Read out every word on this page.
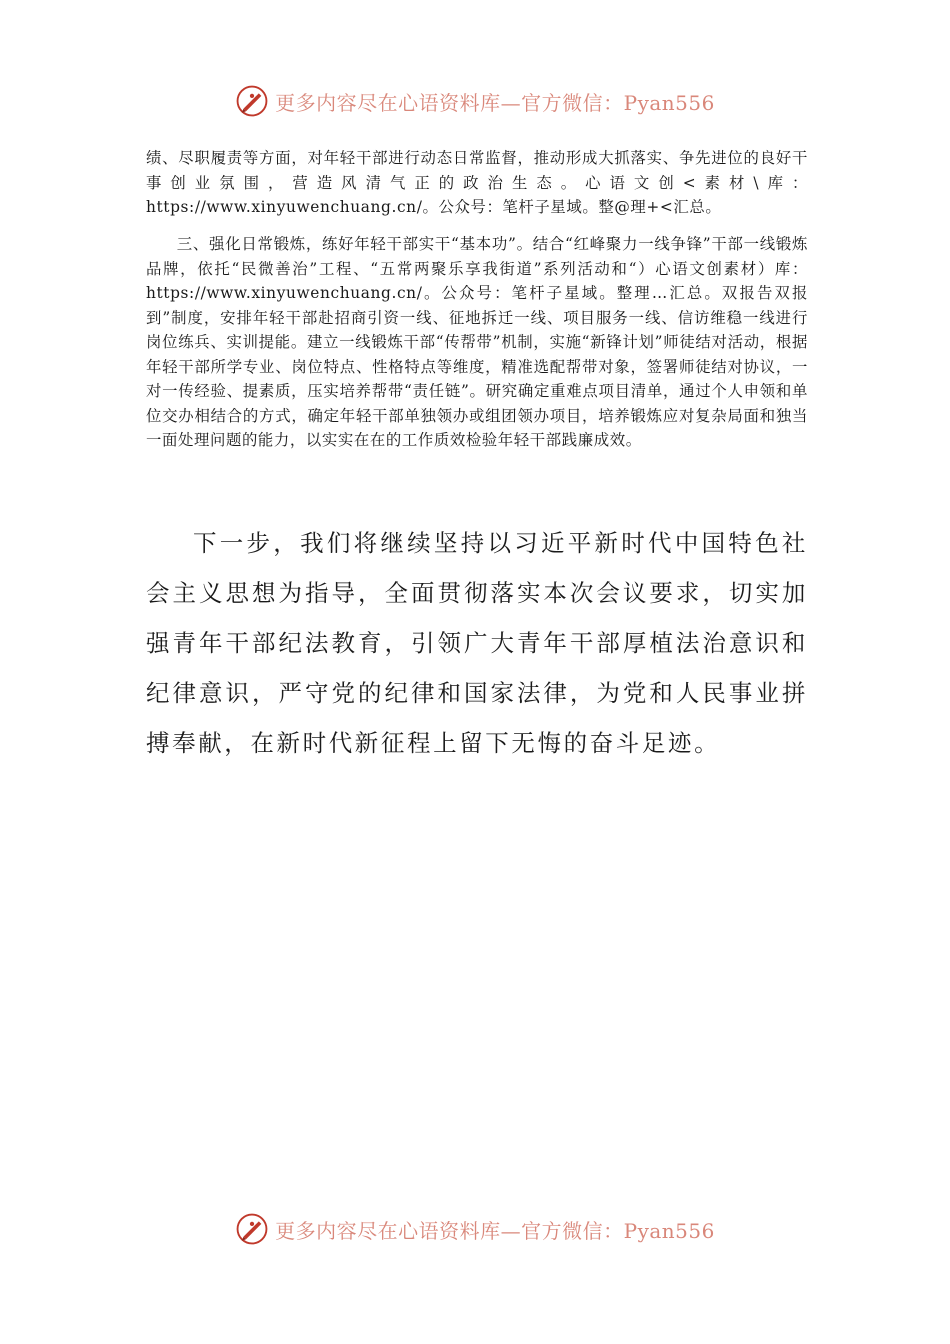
更多内容尽在心语资料库—官方微信：Pyan556

绩、尽职履责等方面，对年轻干部进行动态日常监督，推动形成大抓落实、争先进位的良好干事创业氛围，营造风清气正的政治生态。心语文创<素材\库：https://www.xinyuwenchuang.cn/。公众号：笔杆子星域。整@理+<汇总。

三、强化日常锻炼，练好年轻干部实干“基本功”。结合“红峰聚力一线争锋”干部一线锻炼品牌，依托“民微善治”工程、“五常两聚乐享我街道”系列活动和“）心语文创素材）库：https://www.xinyuwenchuang.cn/。公众号：笔杆子星域。整理…汇总。双报告双报到”制度，安排年轻干部赴招商引资一线、征地拆迁一线、项目服务一线、信访维稳一线进行岗位练兵、实训提能。建立一线锻炼干部“传帮带”机制，实施“新锋计划”师徒结对活动，根据年轻干部所学专业、岗位特点、性格特点等维度，精准选配帮带对象，签署师徒结对协议，一对一传经验、提素质，压实培养帮带“责任链”。研究确定重难点项目清单，通过个人申领和单位交办相结合的方式，确定年轻干部单独领办或组团领办项目，培养锻炼应对复杂局面和独当一面处理问题的能力，以实实在在的工作质效检验年轻干部践廉成效。

下一步，我们将继续坚持以习近平新时代中国特色社会主义思想为指导，全面贯彻落实本次会议要求，切实加强青年干部纪法教育，引领广大青年干部厚植法治意识和纪律意识，严守党的纪律和国家法律，为党和人民事业拼搏奉献，在新时代新征程上留下无悔的奋斗足迹。

更多内容尽在心语资料库—官方微信：Pyan556
